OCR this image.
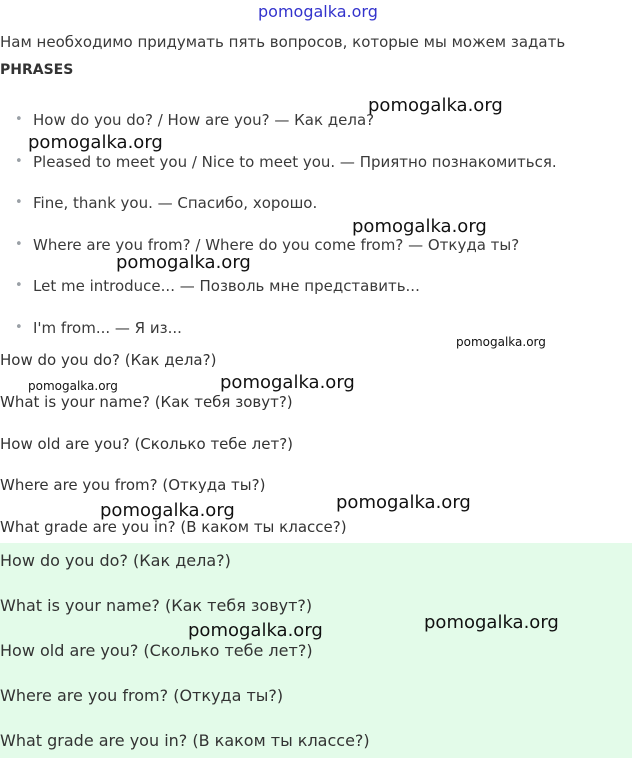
pomogalka.org
Нам необходимо придумать пять вопросов, которые мы можем задать
PHRASES
• How do you do? / How are you? — Как дела?
• Pleased to meet you / Nice to meet you. — Приятно познакомиться.
• Fine, thank you. — Спасибо, хорошо.
• Where are you from? / Where do you come from? — Откуда ты?
• Let me introduce... — Позволь мне представить...
• I'm from... — Я из...
How do you do? (Как дела?)
What is your name? (Как тебя зовут?)
How old are you? (Сколько тебе лет?)
Where are you from? (Откуда ты?)
What grade are you in? (В каком ты классе?)
How do you do? (Как дела?)
What is your name? (Как тебя зовут?)
How old are you? (Сколько тебе лет?)
Where are you from? (Откуда ты?)
What grade are you in? (В каком ты классе?)
pomogalka.org
pomogalka.org
pomogalka.org
pomogalka.org
pomogalka.org
pomogalka.org
pomogalka.org
pomogalka.org
pomogalka.org
pomogalka.org
pomogalka.org
